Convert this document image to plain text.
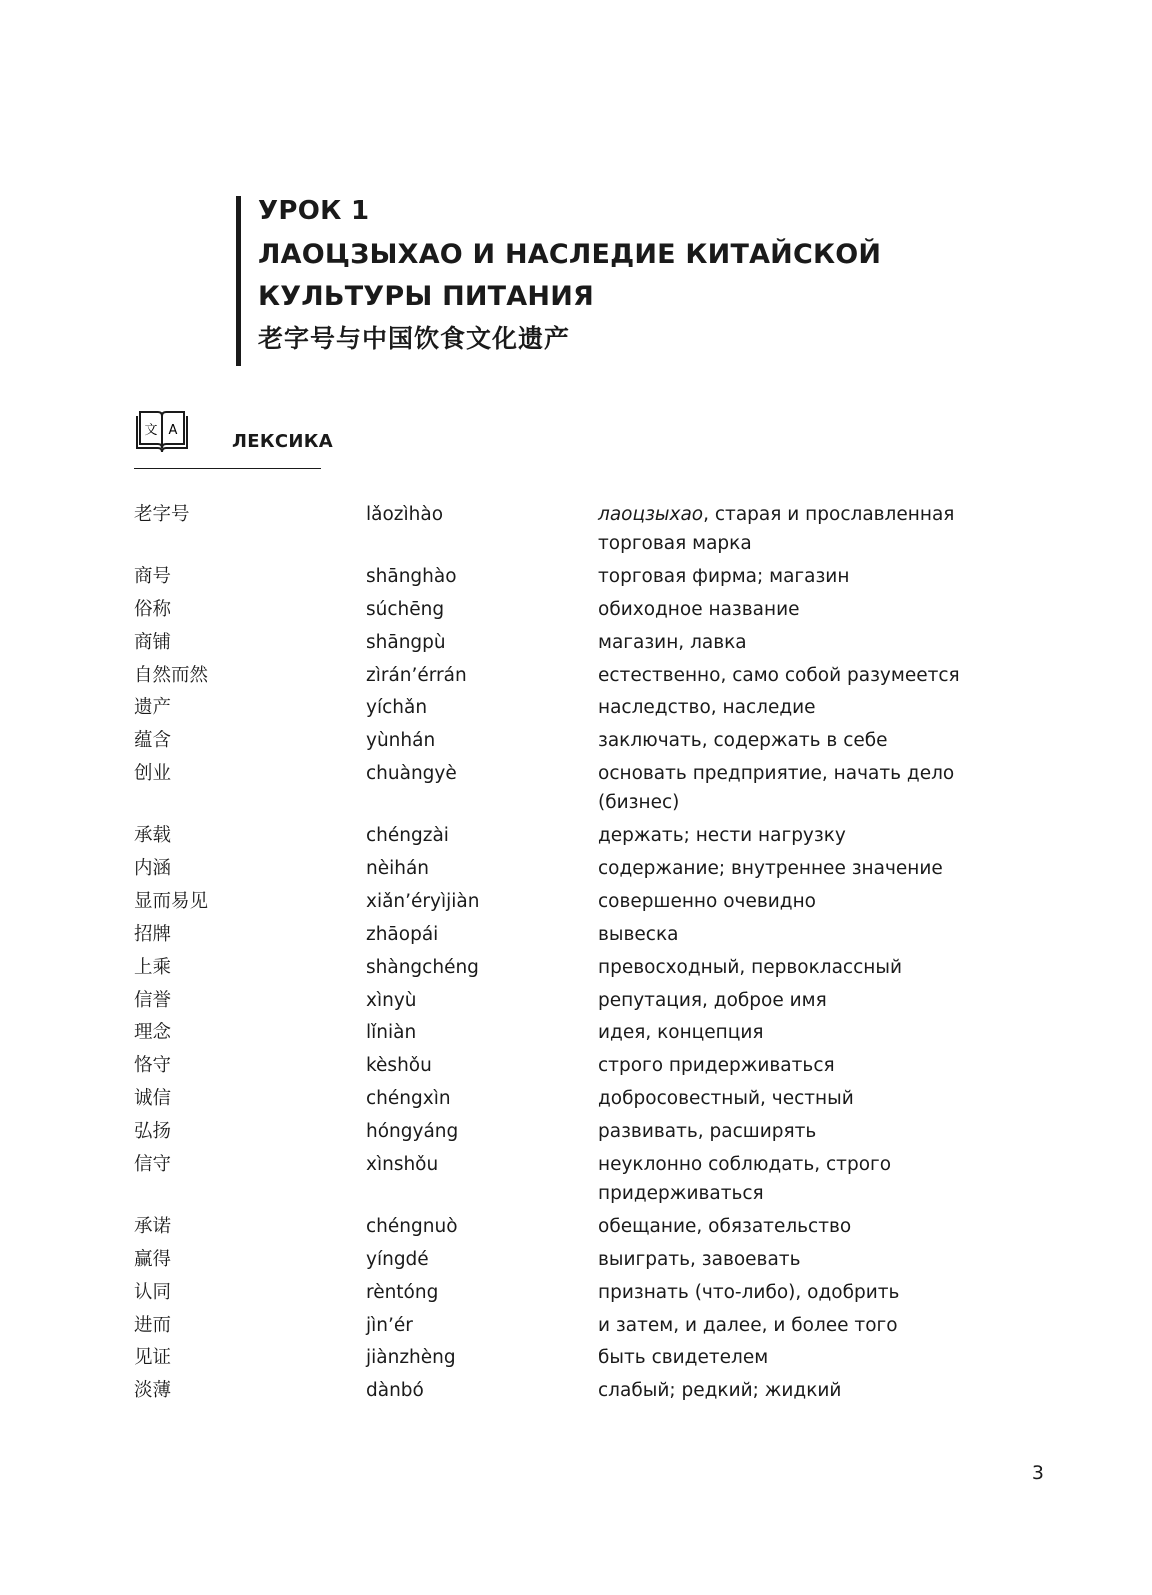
УРОК 1
ЛАОЦЗЫХАО И НАСЛЕДИЕ КИТАЙСКОЙ
КУЛЬТУРЫ ПИТАНИЯ
老字号与中国饮食文化遗产
文 A
ЛЕКСИКА
老字号	lǎozìhào	лаоцзыхао, старая и прославленная торговая марка
商号	shānghào	торговая фирма; магазин
俗称	súchēng	обиходное название
商铺	shāngpù	магазин, лавка
自然而然	zìrán’érrán	естественно, само собой разумеется
遗产	yíchǎn	наследство, наследие
蕴含	yùnhán	заключать, содержать в себе
创业	chuàngyè	основать предприятие, начать дело (бизнес)
承载	chéngzài	держать; нести нагрузку
内涵	nèihán	содержание; внутреннее значение
显而易见	xiǎn’éryìjiàn	совершенно очевидно
招牌	zhāopái	вывеска
上乘	shàngchéng	превосходный, первоклассный
信誉	xìnyù	репутация, доброе имя
理念	lǐniàn	идея, концепция
恪守	kèshǒu	строго придерживаться
诚信	chéngxìn	добросовестный, честный
弘扬	hóngyáng	развивать, расширять
信守	xìnshǒu	неуклонно соблюдать, строго придерживаться
承诺	chéngnuò	обещание, обязательство
赢得	yíngdé	выиграть, завоевать
认同	rèntóng	признать (что-либо), одобрить
进而	jìn’ér	и затем, и далее, и более того
见证	jiànzhèng	быть свидетелем
淡薄	dànbó	слабый; редкий; жидкий
3
